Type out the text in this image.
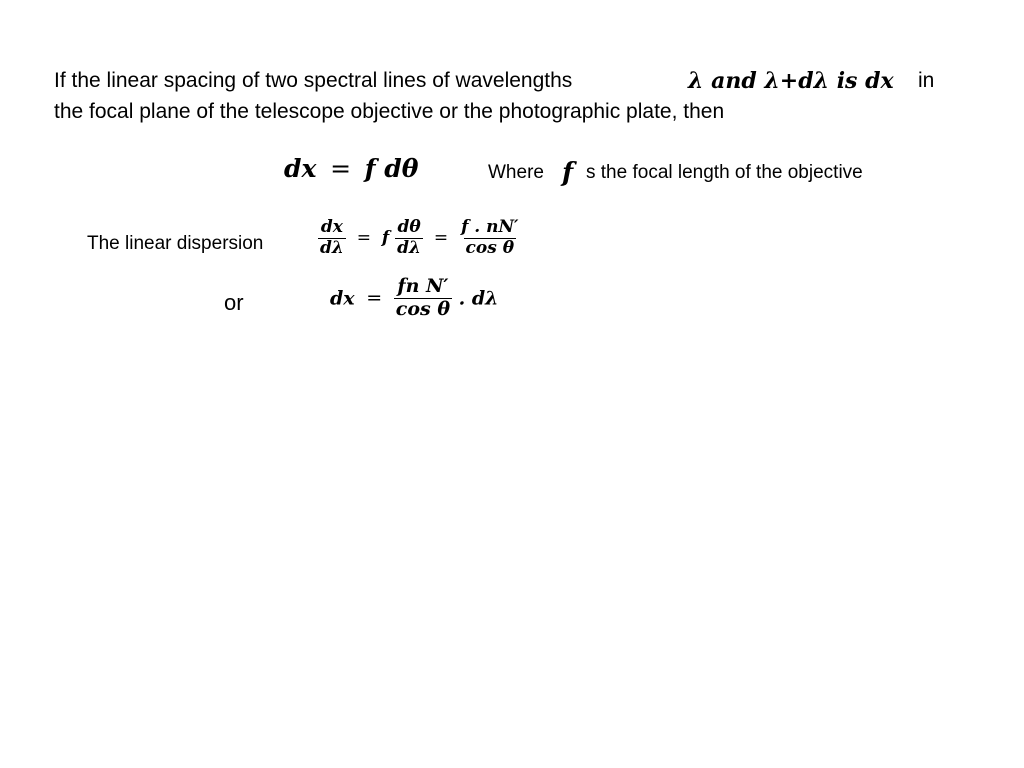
If the linear spacing of two spectral lines of wavelengths	λ and λ+dλ is dx in
the focal plane of the telescope objective or the photographic plate, then
dx = f dθ	Where f s the focal length of the objective
The linear dispersion	$\frac{dx}{d\lambda} = f \frac{d\theta}{d\lambda} = \frac{f . nN'}{\text{cos θ}}$
or	dx = $\frac{\text{fn N′}}{\text{cos θ}}$ . dλ
